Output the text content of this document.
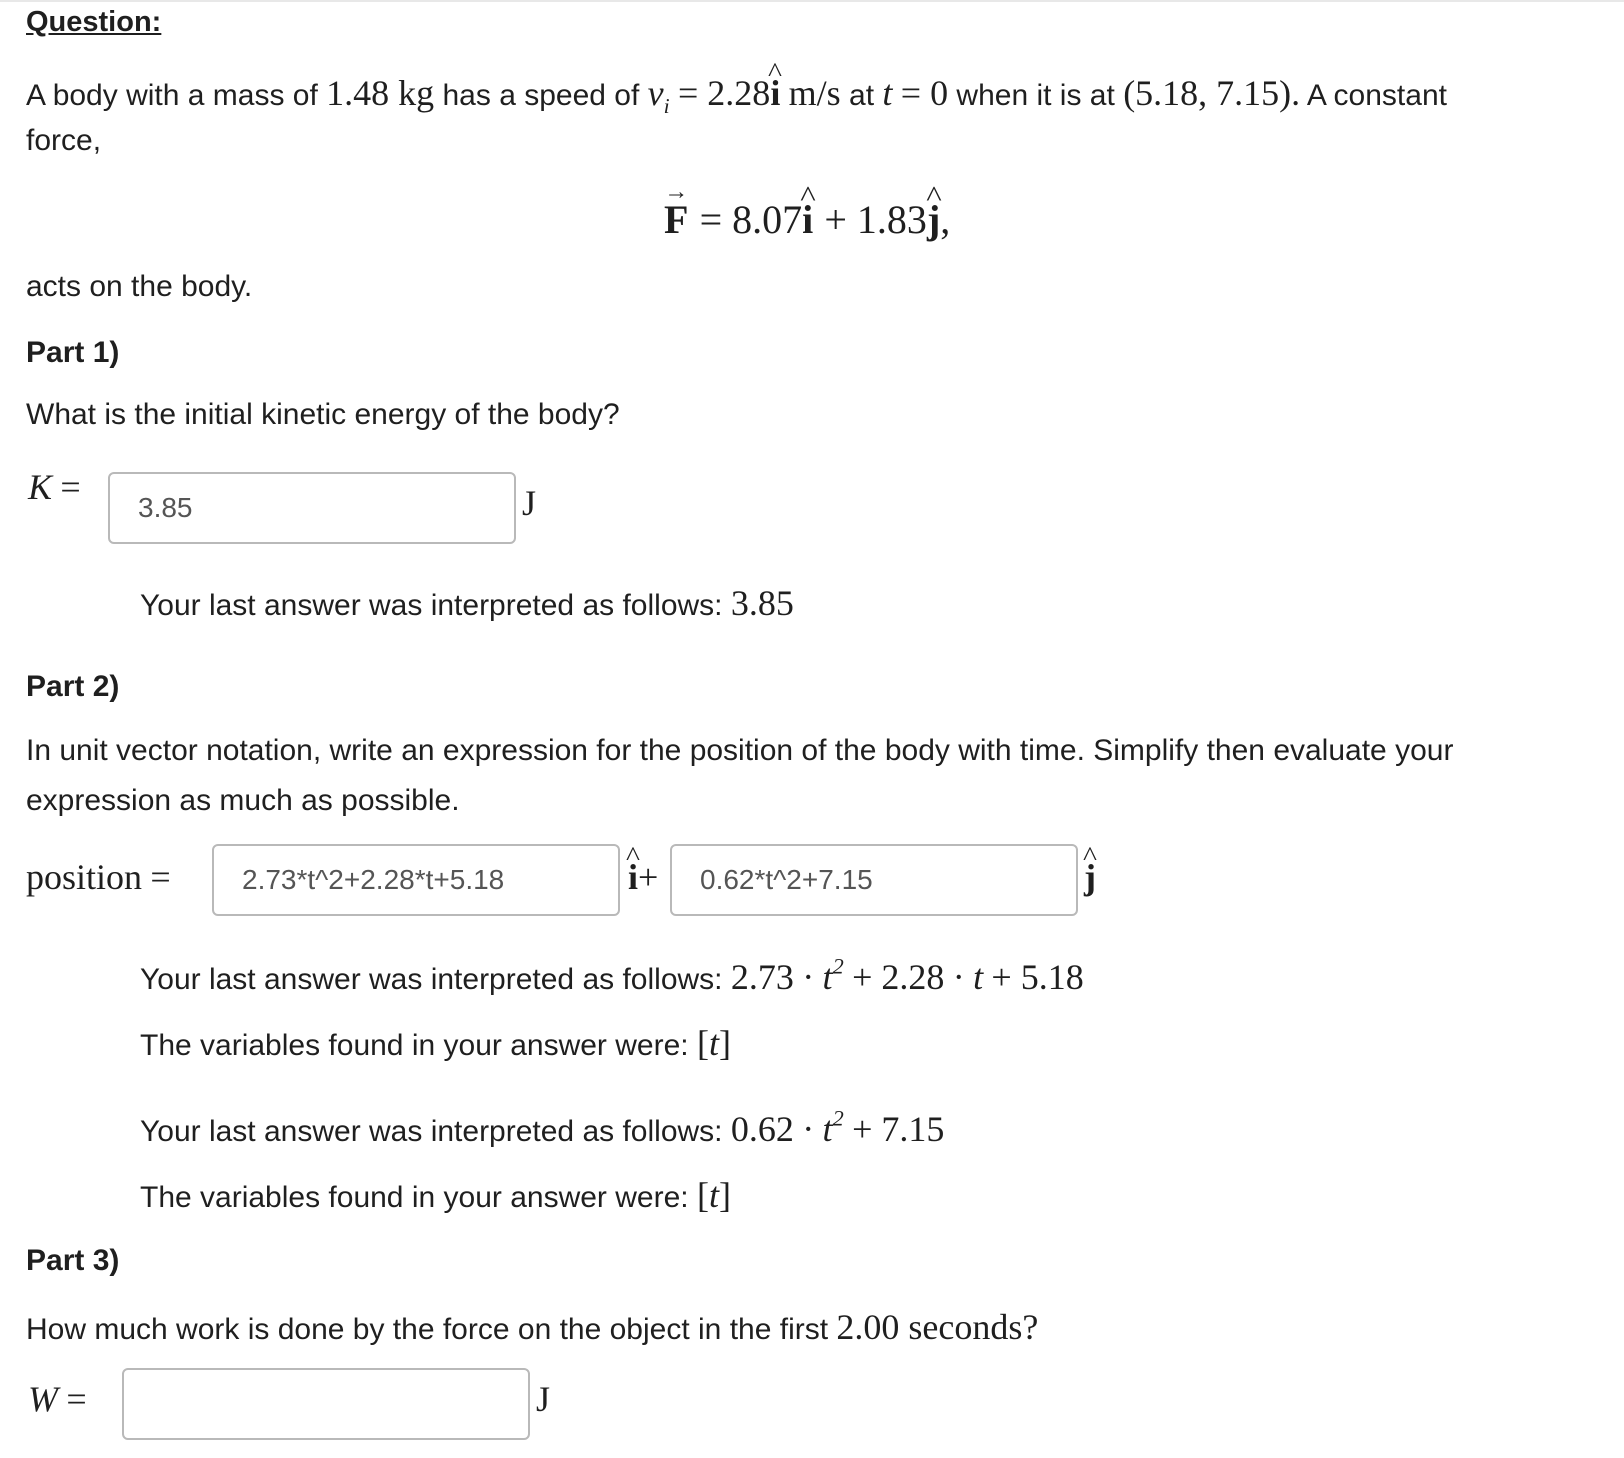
Question:
A body with a mass of 1.48 kg has a speed of $v_i = 2.28i$ ^ m/s at t = 0 when it is at (5.18, 7.15). A constant
force,
F → = 8.07i ^ + 1.83j ^,
acts on the body.
Part 1)
What is the initial kinetic energy of the body?
K =
3.85	J
Your last answer was interpreted as follows: 3.85
Part 2)
In unit vector notation, write an expression for the position of the body with time. Simplify then evaluate your
expression as much as possible.
position =
2.73*t^2+2.28*t+5.18	i ^+
0.62*t^2+7.15	j ^
Your last answer was interpreted as follows: $2.73 \cdot t^2 + 2.28 \cdot t + 5.18$
The variables found in your answer were: [t]
Your last answer was interpreted as follows: $0.62 \cdot t^2 + 7.15$
The variables found in your answer were: [t]
Part 3)
How much work is done by the force on the object in the first 2.00 seconds?
W =	J
